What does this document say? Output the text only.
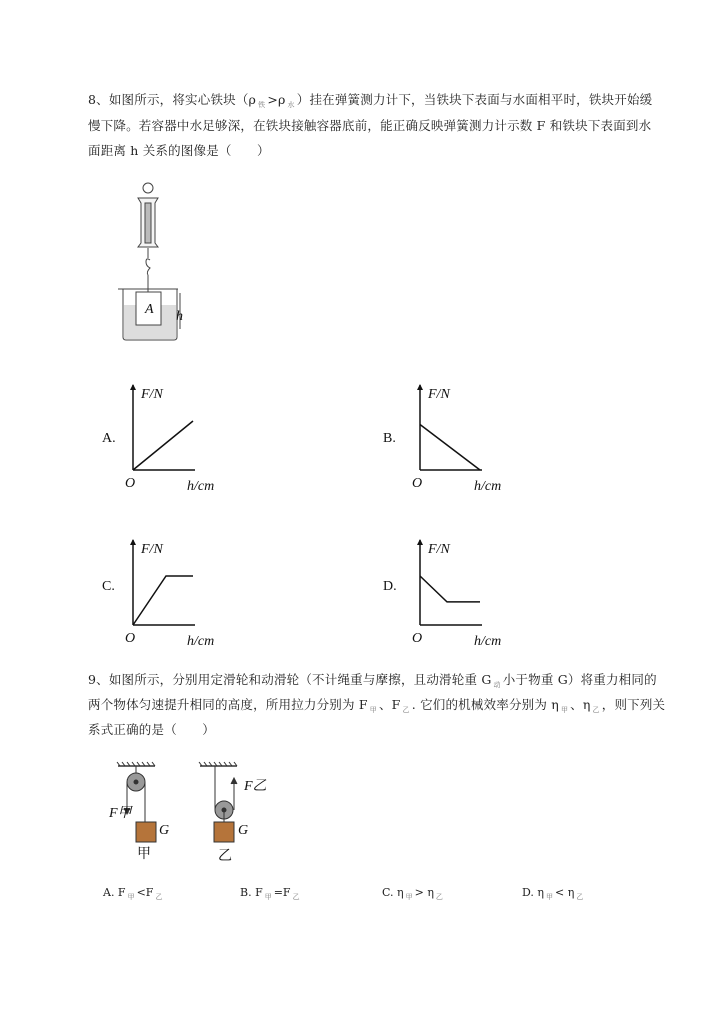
8、如图所示，将实心铁块（ρ $_铁$ >ρ $_水$ ）挂在弹簧测力计下，当铁块下表面与水面相平时，铁块开始缓
慢下降。若容器中水足够深，在铁块接触容器底前，能正确反映弹簧测力计示数 F 和铁块下表面到水
面距离 h 关系的图像是（　　）
A h
F/N
h/cm
O
A.
F/N
h/cm
O
B.
F/N
h/cm
O
C.
F/N
h/cm
O
D.
F甲
G
甲
F乙
G
乙
9、如图所示，分别用定滑轮和动滑轮（不计绳重与摩擦，且动滑轮重 G $_动$ 小于物重 G）将重力相同的
两个物体匀速提升相同的高度，所用拉力分别为 F $_甲$ 、F $_乙$ . 它们的机械效率分别为 η $_甲$ 、η $_乙$ ，则下列关
系式正确的是（　　）
A. F $_甲$ <F $_乙$	B. F $_甲$ =F $_乙$	C. η $_甲$ > η $_乙$	D. η $_甲$ < η $_乙$
